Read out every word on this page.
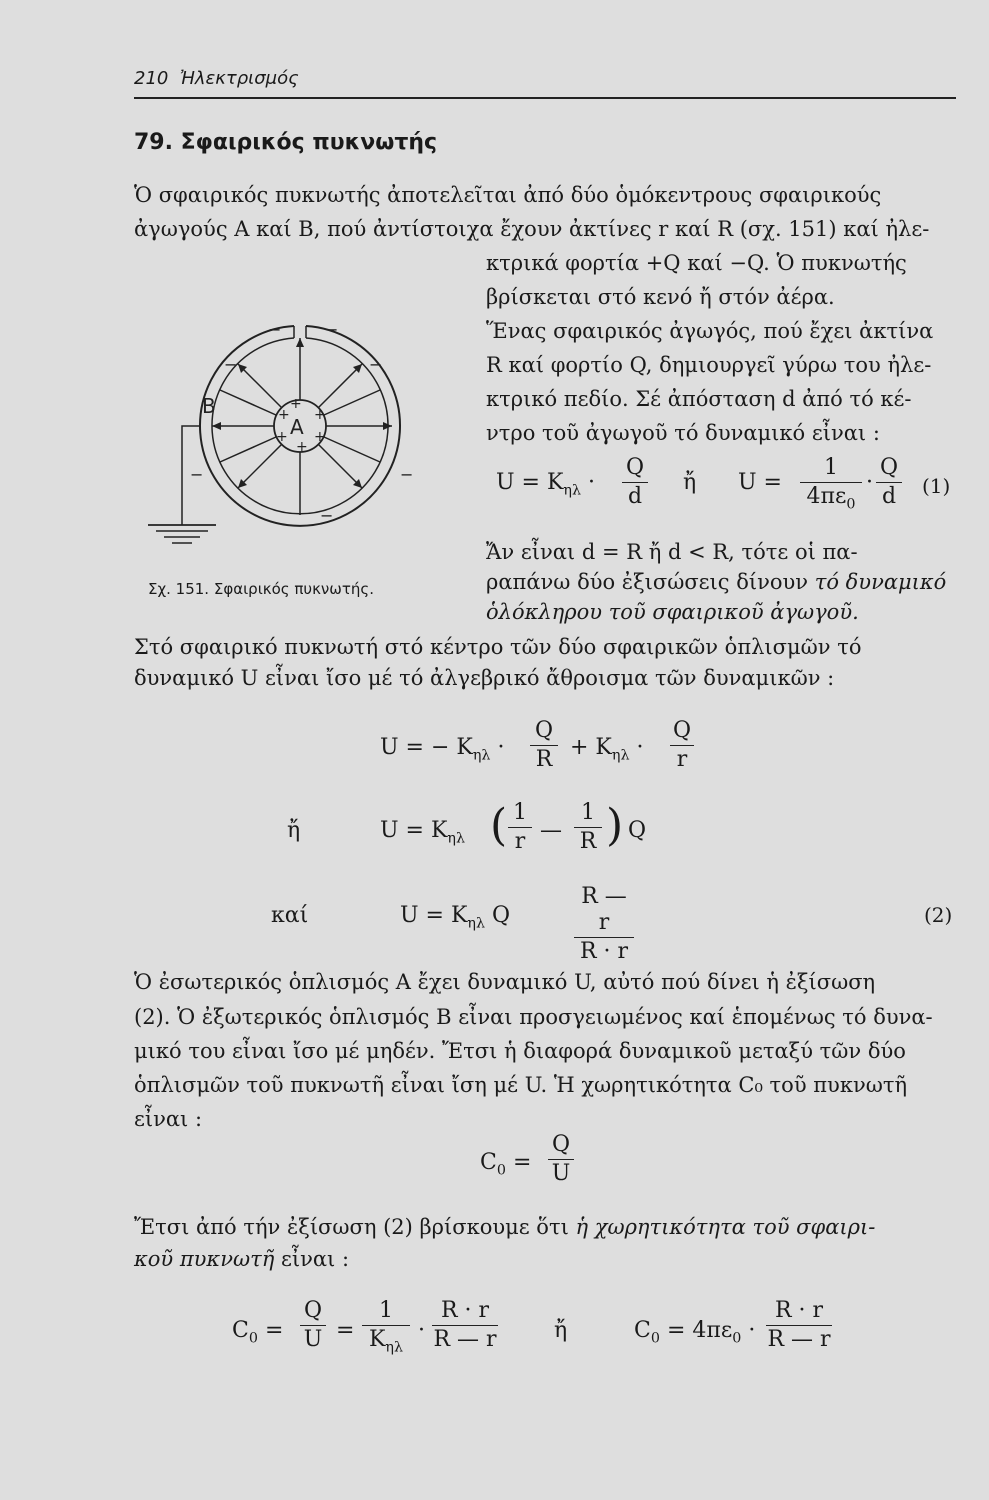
210 Ἠλεκτρισμός
79. Σφαιρικός πυκνωτής
Ὁ σφαιρικός πυκνωτής ἀποτελεῖται ἀπό δύο ὁμόκεντρους σφαιρικούς
ἀγωγούς Α καί Β, πού ἀντίστοιχα ἔχουν ἀκτίνες r καί R (σχ. 151) καί ἠλε-
κτρικά φορτία +Q καί −Q. Ὁ πυκνωτής
βρίσκεται στό κενό ἤ στόν ἀέρα.
Ἕνας σφαιρικός ἀγωγός, πού ἔχει ἀκτίνα
R καί φορτίο Q, δημιουργεῖ γύρω του ἠλε-
κτρικό πεδίο. Σέ ἀπόσταση d ἀπό τό κέ-
ντρο τοῦ ἀγωγοῦ τό δυναμικό εἶναι :
A
B	+
+
+
+
+
+
−	−
−	−
−
−
−
$U = K_{\eta\lambda}$ ·
Q
d
ἤ U =
1
$4\pi\varepsilon_0$
·
Q
d (1)
Ἄν εἶναι d = R ἤ d < R, τότε οἱ πα-
ραπάνω δύο ἐξισώσεις δίνουν τό δυναμικό
ὁλόκληρου τοῦ σφαιρικοῦ ἀγωγοῦ.
Σχ. 151. Σφαιρικός πυκνωτής.
Στό σφαιρικό πυκνωτή στό κέντρο τῶν δύο σφαιρικῶν ὁπλισμῶν τό
δυναμικό U εἶναι ἴσο μέ τό ἀλγεβρικό ἄθροισμα τῶν δυναμικῶν :
U = − $K_{\eta\lambda}$ ·
Q
$R + K_{\eta\lambda}$ ·
Q
r
ἤ	$U = K_{\eta\lambda}$ ( 1
r —
1
R ) Q
καί	$U = K_{\eta\lambda}$ Q
R — r
R · r
(2)
Ὁ ἐσωτερικός ὁπλισμός Α ἔχει δυναμικό U, αὐτό πού δίνει ἡ ἐξίσωση
(2). Ὁ ἐξωτερικός ὁπλισμός Β εἶναι προσγειωμένος καί ἑπομένως τό δυνα-
μικό του εἶναι ἴσο μέ μηδέν. Ἔτσι ἡ διαφορά δυναμικοῦ μεταξύ τῶν δύο
ὁπλισμῶν τοῦ πυκνωτῆ εἶναι ἴση μέ U. Ἡ χωρητικότητα C₀ τοῦ πυκνωτῆ
εἶναι :
$C_0$ =
Q
U
Ἔτσι ἀπό τήν ἐξίσωση (2) βρίσκουμε ὅτι ἡ χωρητικότητα τοῦ σφαιρι-
κοῦ πυκνωτῆ εἶναι :
$C_0$ =
Q
U =
1
$K_{\eta\lambda}$
·
R · r
R — r	ἤ	$C_0 = 4\pi\varepsilon_0$ ·
R · r
R — r
